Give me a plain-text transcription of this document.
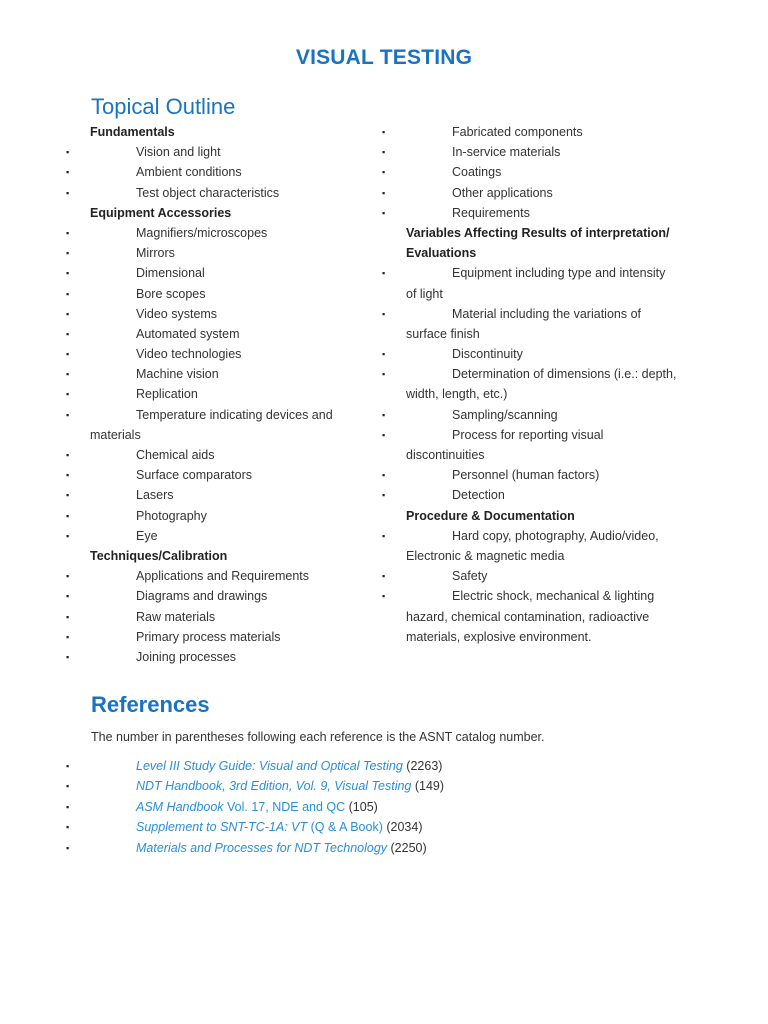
VISUAL TESTING
Topical Outline
Fundamentals
▪	Vision and light
▪	Ambient conditions
▪	Test object characteristics
Equipment Accessories
▪	Magnifiers/microscopes
▪	Mirrors
▪	Dimensional
▪	Bore scopes
▪	Video systems
▪	Automated system
▪	Video technologies
▪	Machine vision
▪	Replication
▪	Temperature indicating devices and
materials
▪	Chemical aids
▪	Surface comparators
▪	Lasers
▪	Photography
▪	Eye
Techniques/Calibration
▪	Applications and Requirements
▪	Diagrams and drawings
▪	Raw materials
▪	Primary process materials
▪	Joining processes
▪	Fabricated components
▪	In-service materials
▪	Coatings
▪	Other applications
▪	Requirements
Variables Affecting Results of interpretation/
Evaluations
▪	Equipment including type and intensity
of light
▪	Material including the variations of
surface finish
▪	Discontinuity
▪	Determination of dimensions (i.e.: depth,
width, length, etc.)
▪	Sampling/scanning
▪	Process for reporting visual
discontinuities
▪	Personnel (human factors)
▪	Detection
Procedure & Documentation
▪	Hard copy, photography, Audio/video,
Electronic & magnetic media
▪	Safety
▪	Electric shock, mechanical & lighting
hazard, chemical contamination, radioactive
materials, explosive environment.
References
The number in parentheses following each reference is the ASNT catalog number.
▪	Level III Study Guide: Visual and Optical Testing (2263)
▪	NDT Handbook, 3rd Edition, Vol. 9, Visual Testing (149)
▪	ASM Handbook Vol. 17, NDE and QC (105)
▪	Supplement to SNT-TC-1A: VT (Q & A Book) (2034)
▪	Materials and Processes for NDT Technology (2250)
